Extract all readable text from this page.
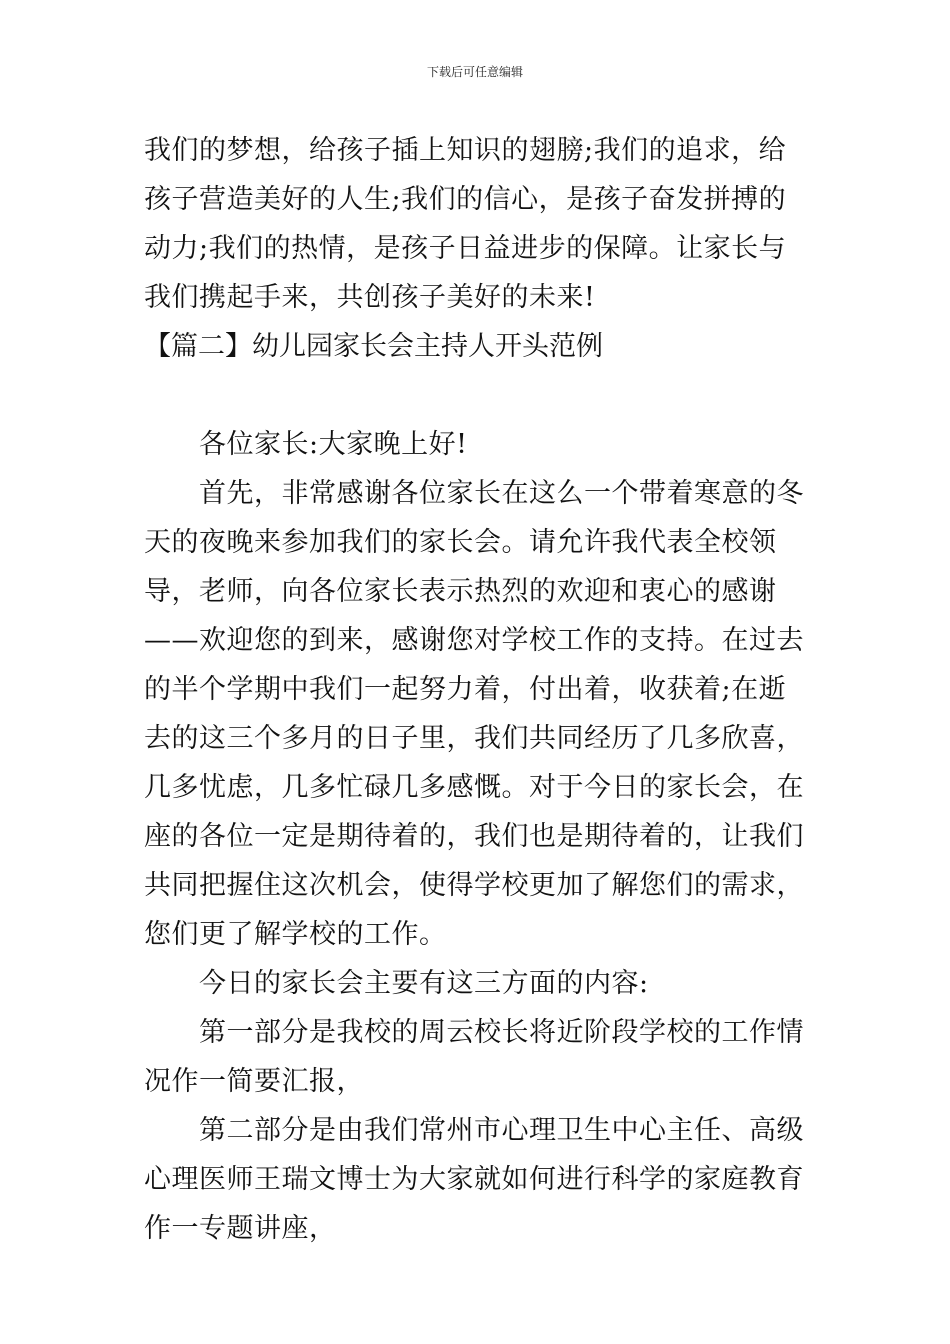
下载后可任意编辑

我们的梦想，给孩子插上知识的翅膀;我们的追求，给孩子营造美好的人生;我们的信心，是孩子奋发拼搏的动力;我们的热情，是孩子日益进步的保障。让家长与我们携起手来，共创孩子美好的未来!

【篇二】幼儿园家长会主持人开头范例

各位家长:大家晚上好!

首先，非常感谢各位家长在这么一个带着寒意的冬天的夜晚来参加我们的家长会。请允许我代表全校领导，老师，向各位家长表示热烈的欢迎和衷心的感谢——欢迎您的到来，感谢您对学校工作的支持。在过去的半个学期中我们一起努力着，付出着，收获着;在逝去的这三个多月的日子里，我们共同经历了几多欣喜，几多忧虑，几多忙碌几多感慨。对于今日的家长会，在座的各位一定是期待着的，我们也是期待着的，让我们共同把握住这次机会，使得学校更加了解您们的需求，您们更了解学校的工作。

今日的家长会主要有这三方面的内容:

第一部分是我校的周云校长将近阶段学校的工作情况作一简要汇报，

第二部分是由我们常州市心理卫生中心主任、高级心理医师王瑞文博士为大家就如何进行科学的家庭教育作一专题讲座，
